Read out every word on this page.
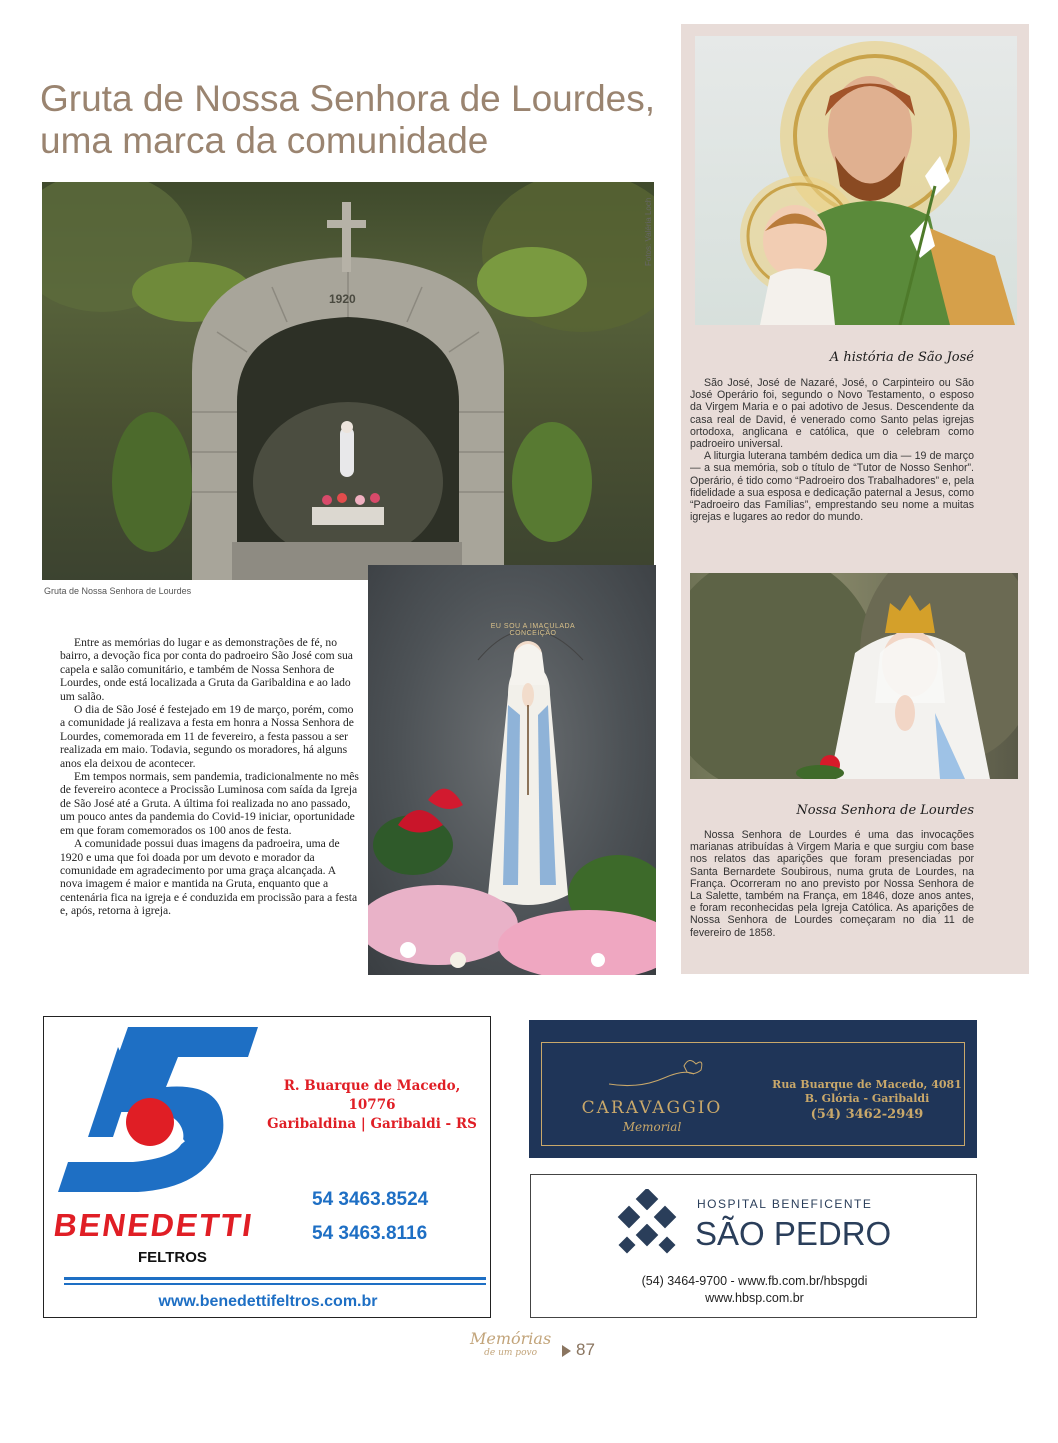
Gruta de Nossa Senhora de Lourdes,
uma marca da comunidade
1920
Fotos: Valéria Loch
Gruta de Nossa Senhora de Lourdes
EU SOU A IMACULADA CONCEIÇÃO

Entre as memórias do lugar e as demonstrações de fé, no bairro, a devoção fica por conta do padroeiro São José com sua capela e salão comunitário, e também de Nossa Senhora de Lourdes, onde está localizada a Gruta da Garibaldina e ao lado um salão.

O dia de São José é festejado em 19 de março, porém, como a comunidade já realizava a festa em honra a Nossa Senhora de Lourdes, comemorada em 11 de fevereiro, a festa passou a ser realizada em maio. Todavia, segundo os moradores, há alguns anos ela deixou de acontecer.

Em tempos normais, sem pandemia, tradicionalmente no mês de fevereiro acontece a Procissão Luminosa com saída da Igreja de São José até a Gruta. A última foi realizada no ano passado, um pouco antes da pandemia do Covid-19 iniciar, oportunidade em que foram comemorados os 100 anos de festa.

A comunidade possui duas imagens da padroeira, uma de 1920 e uma que foi doada por um devoto e morador da comunidade em agradecimento por uma graça alcançada. A nova imagem é maior e mantida na Gruta, enquanto que a centenária fica na igreja e é conduzida em procissão para a festa e, após, retorna à igreja.

A história de São José

São José, José de Nazaré, José, o Carpinteiro ou São José Operário foi, segundo o Novo Testamento, o esposo da Virgem Maria e o pai adotivo de Jesus. Descendente da casa real de David, é venerado como Santo pelas igrejas ortodoxa, anglicana e católica, que o celebram como padroeiro universal.

A liturgia luterana também dedica um dia — 19 de março — a sua memória, sob o título de “Tutor de Nosso Senhor”. Operário, é tido como “Padroeiro dos Trabalhadores” e, pela fidelidade a sua esposa e dedicação paternal a Jesus, como “Padroeiro das Famílias”, emprestando seu nome a muitas igrejas e lugares ao redor do mundo.

Nossa Senhora de Lourdes

Nossa Senhora de Lourdes é uma das invocações marianas atribuídas à Virgem Maria e que surgiu com base nos relatos das aparições que foram presenciadas por Santa Bernardete Soubirous, numa gruta de Lourdes, na França. Ocorreram no ano previsto por Nossa Senhora de La Salette, também na França, em 1846, doze anos antes, e foram reconhecidas pela Igreja Católica. As aparições de Nossa Senhora de Lourdes começaram no dia 11 de fevereiro de 1858.

R. Buarque de Macedo, 10776
Garibaldina | Garibaldi - RS
BENEDETTI
FELTROS
54 3463.8524
54 3463.8116
www.benedettifeltros.com.br
CARAVAGGIO
Memorial
Rua Buarque de Macedo, 4081
B. Glória - Garibaldi
(54) 3462-2949
HOSPITAL BENEFICENTE
SÃO PEDRO
(54) 3464-9700 - www.fb.com.br/hbspgdi
www.hbsp.com.br
Memórias
de um povo	87
